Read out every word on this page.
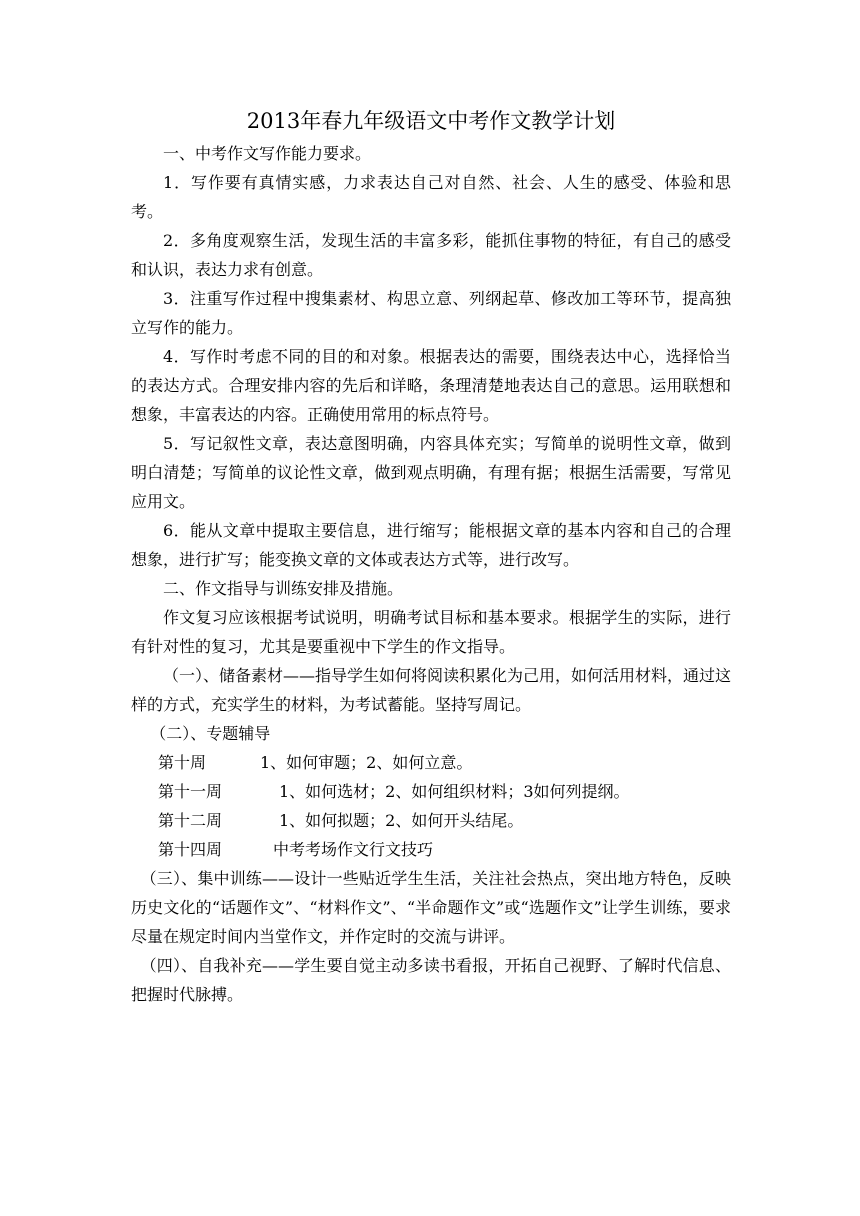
2013年春九年级语文中考作文教学计划

一、中考作文写作能力要求。

1．写作要有真情实感，力求表达自己对自然、社会、人生的感受、体验和思考。

2．多角度观察生活，发现生活的丰富多彩，能抓住事物的特征，有自己的感受和认识，表达力求有创意。

3．注重写作过程中搜集素材、构思立意、列纲起草、修改加工等环节，提高独立写作的能力。

4．写作时考虑不同的目的和对象。根据表达的需要，围绕表达中心，选择恰当的表达方式。合理安排内容的先后和详略，条理清楚地表达自己的意思。运用联想和想象，丰富表达的内容。正确使用常用的标点符号。

5．写记叙性文章，表达意图明确，内容具体充实；写简单的说明性文章，做到明白清楚；写简单的议论性文章，做到观点明确，有理有据；根据生活需要，写常见应用文。

6．能从文章中提取主要信息，进行缩写；能根据文章的基本内容和自己的合理想象，进行扩写；能变换文章的文体或表达方式等，进行改写。

二、作文指导与训练安排及措施。

作文复习应该根据考试说明，明确考试目标和基本要求。根据学生的实际，进行有针对性的复习，尤其是要重视中下学生的作文指导。

（一）、储备素材——指导学生如何将阅读积累化为己用，如何活用材料，通过这样的方式，充实学生的材料，为考试蓄能。坚持写周记。

（二）、专题辅导

第十周	1、如何审题；2、如何立意。

第十一周	1、如何选材；2、如何组织材料；3如何列提纲。

第十二周	1、如何拟题；2、如何开头结尾。

第十四周	中考考场作文行文技巧

（三）、集中训练——设计一些贴近学生生活，关注社会热点，突出地方特色，反映历史文化的“话题作文”、“材料作文”、“半命题作文”或“选题作文”让学生训练，要求尽量在规定时间内当堂作文，并作定时的交流与讲评。

（四）、自我补充——学生要自觉主动多读书看报，开拓自己视野、了解时代信息、把握时代脉搏。
